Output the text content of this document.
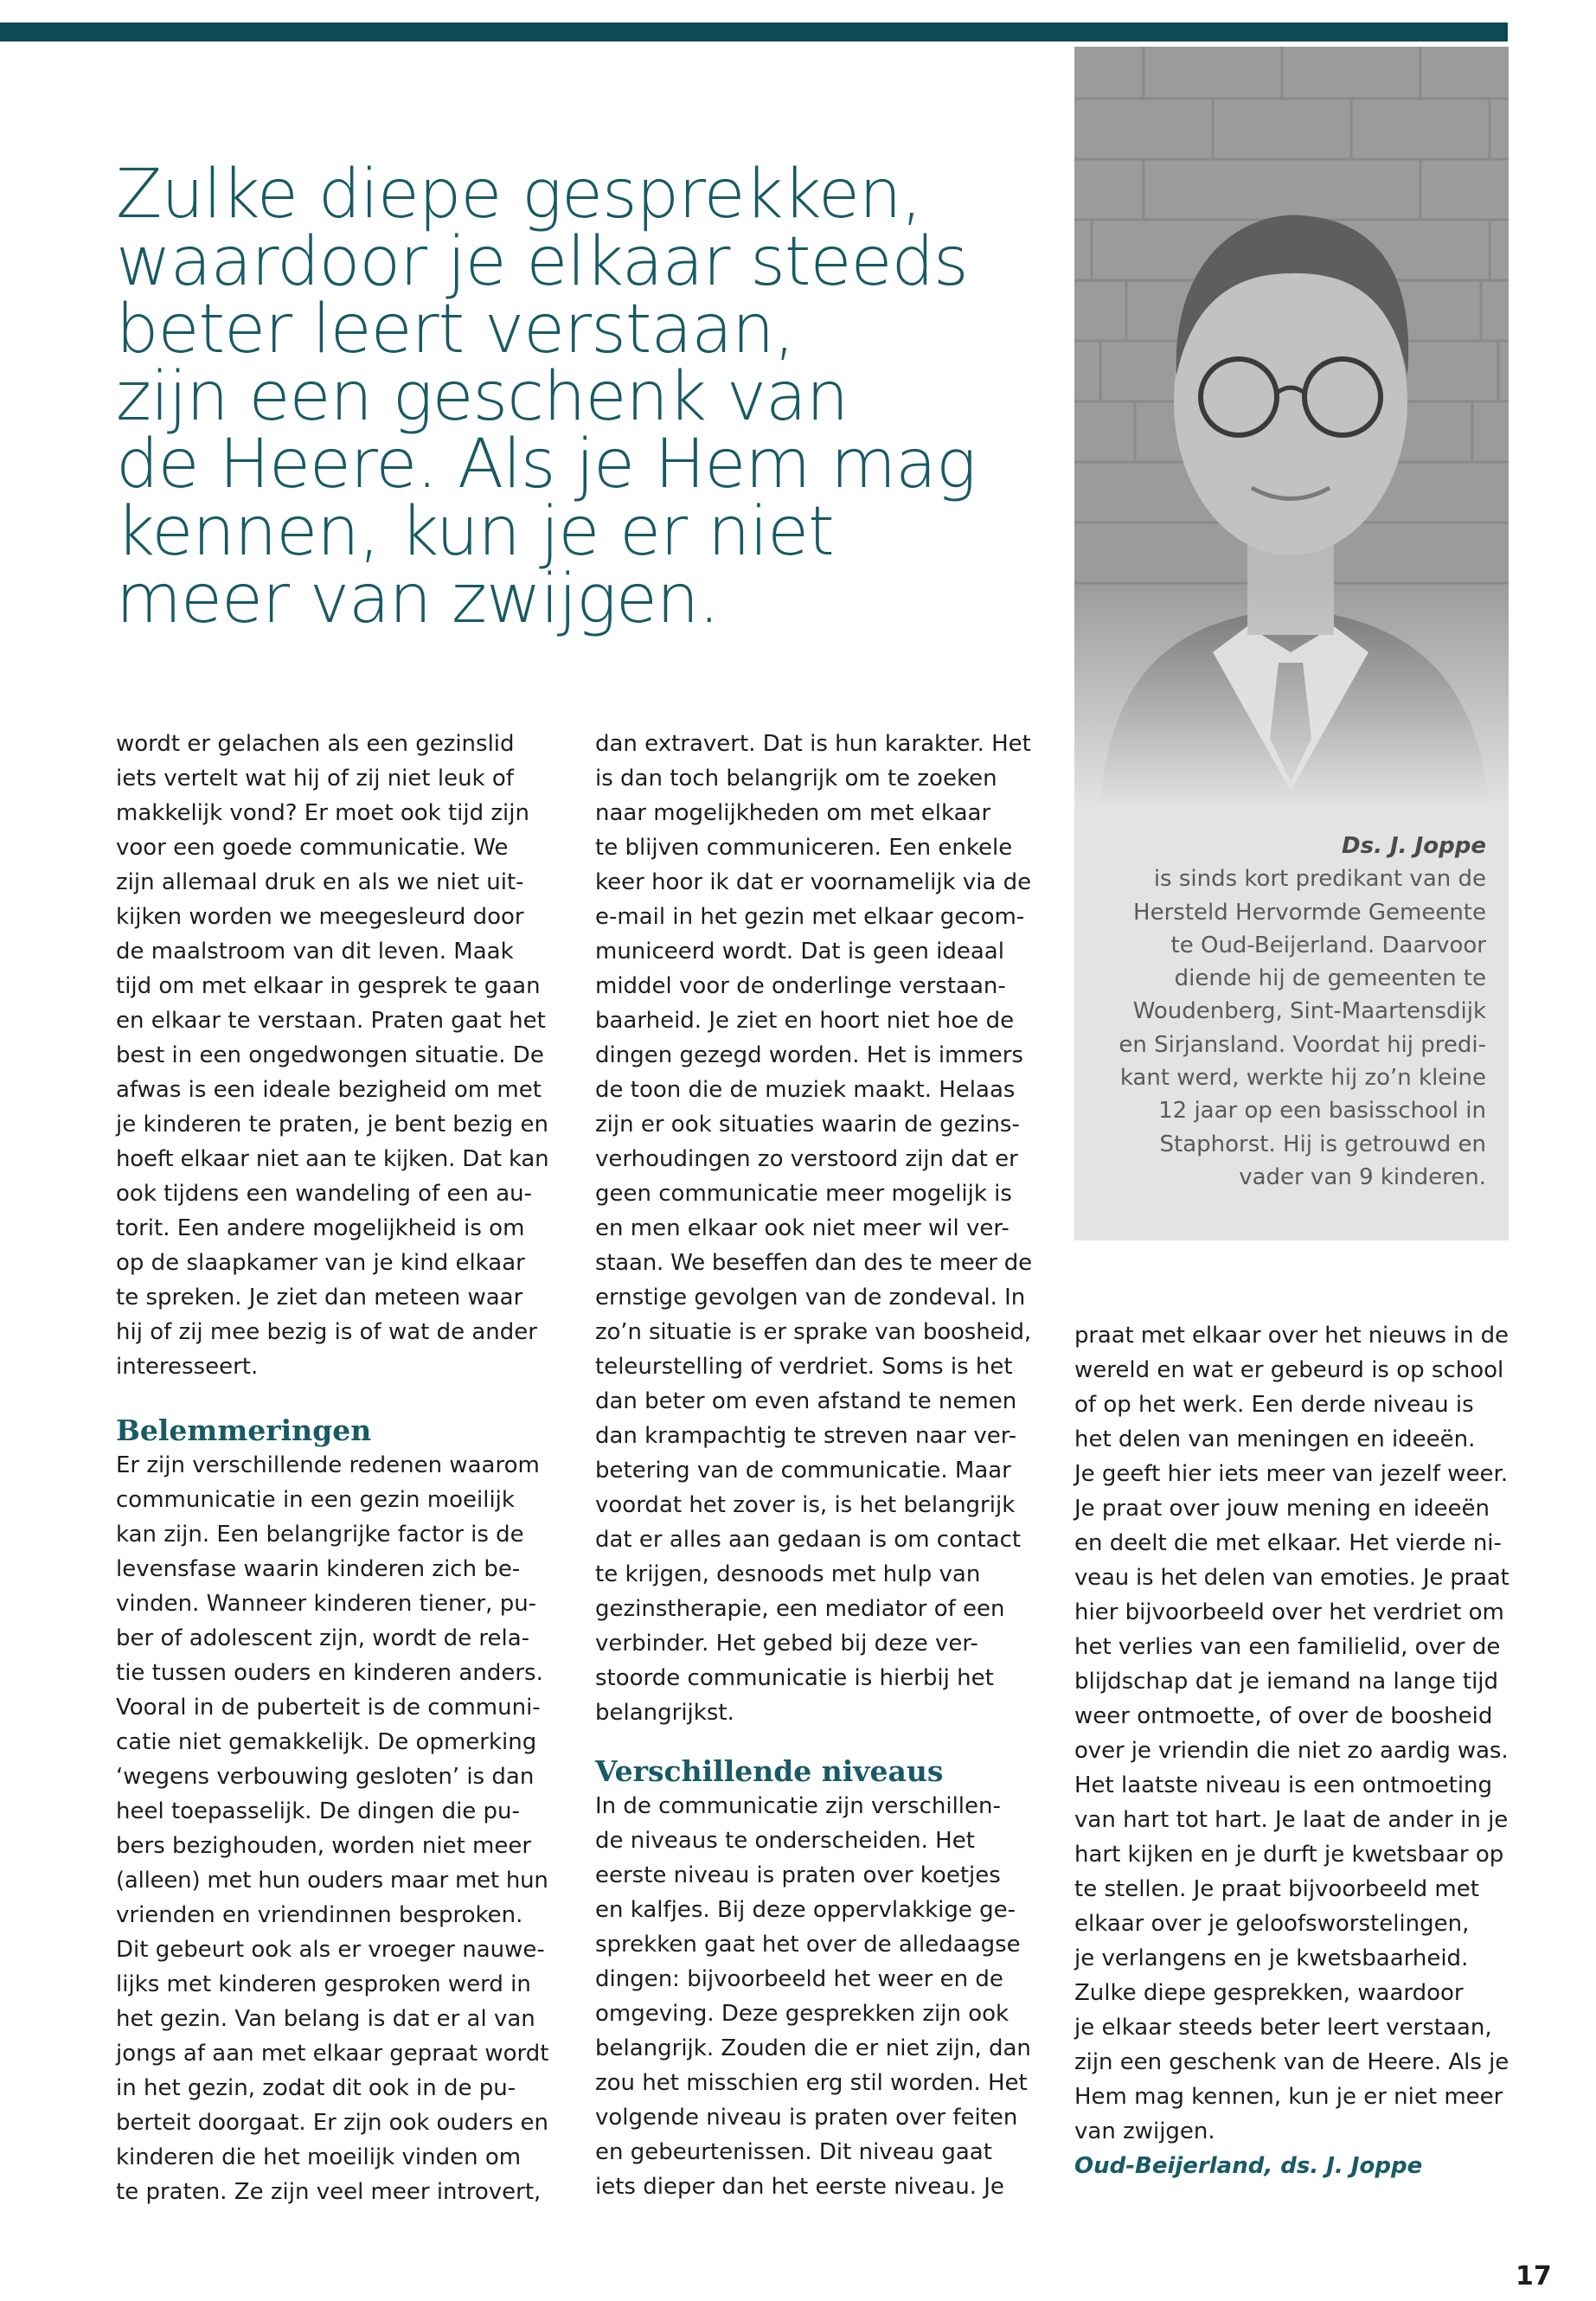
Zulke diepe gesprekken,
waardoor je elkaar steeds
beter leert verstaan,
zijn een geschenk van
de Heere. Als je Hem mag
kennen, kun je er niet
meer van zwijgen.
Ds. J. Joppe
is sinds kort predikant van de
Hersteld Hervormde Gemeente
te Oud-Beijerland. Daarvoor
diende hij de gemeenten te
Woudenberg, Sint-Maartensdijk
en Sirjansland. Voordat hij predi-
kant werd, werkte hij zo’n kleine
12 jaar op een basisschool in
Staphorst. Hij is getrouwd en
vader van 9 kinderen.

wordt er gelachen als een gezinslid
iets vertelt wat hij of zij niet leuk of
makkelijk vond? Er moet ook tijd zijn
voor een goede communicatie. We
zijn allemaal druk en als we niet uit-
kijken worden we meegesleurd door
de maalstroom van dit leven. Maak
tijd om met elkaar in gesprek te gaan
en elkaar te verstaan. Praten gaat het
best in een ongedwongen situatie. De
afwas is een ideale bezigheid om met
je kinderen te praten, je bent bezig en
hoeft elkaar niet aan te kijken. Dat kan
ook tijdens een wandeling of een au-
torit. Een andere mogelijkheid is om
op de slaapkamer van je kind elkaar
te spreken. Je ziet dan meteen waar
hij of zij mee bezig is of wat de ander
interesseert.

Belemmeringen

Er zijn verschillende redenen waarom
communicatie in een gezin moeilijk
kan zijn. Een belangrijke factor is de
levensfase waarin kinderen zich be-
vinden. Wanneer kinderen tiener, pu-
ber of adolescent zijn, wordt de rela-
tie tussen ouders en kinderen anders.
Vooral in de puberteit is de communi-
catie niet gemakkelijk. De opmerking
‘wegens verbouwing gesloten’ is dan
heel toepasselijk. De dingen die pu-
bers bezighouden, worden niet meer
(alleen) met hun ouders maar met hun
vrienden en vriendinnen besproken.
Dit gebeurt ook als er vroeger nauwe-
lijks met kinderen gesproken werd in
het gezin. Van belang is dat er al van
jongs af aan met elkaar gepraat wordt
in het gezin, zodat dit ook in de pu-
berteit doorgaat. Er zijn ook ouders en
kinderen die het moeilijk vinden om
te praten. Ze zijn veel meer introvert,

dan extravert. Dat is hun karakter. Het
is dan toch belangrijk om te zoeken
naar mogelijkheden om met elkaar
te blijven communiceren. Een enkele
keer hoor ik dat er voornamelijk via de
e-mail in het gezin met elkaar gecom-
municeerd wordt. Dat is geen ideaal
middel voor de onderlinge verstaan-
baarheid. Je ziet en hoort niet hoe de
dingen gezegd worden. Het is immers
de toon die de muziek maakt. Helaas
zijn er ook situaties waarin de gezins-
verhoudingen zo verstoord zijn dat er
geen communicatie meer mogelijk is
en men elkaar ook niet meer wil ver-
staan. We beseffen dan des te meer de
ernstige gevolgen van de zondeval. In
zo’n situatie is er sprake van boosheid,
teleurstelling of verdriet. Soms is het
dan beter om even afstand te nemen
dan krampachtig te streven naar ver-
betering van de communicatie. Maar
voordat het zover is, is het belangrijk
dat er alles aan gedaan is om contact
te krijgen, desnoods met hulp van
gezinstherapie, een mediator of een
verbinder. Het gebed bij deze ver-
stoorde communicatie is hierbij het
belangrijkst.

Verschillende niveaus

In de communicatie zijn verschillen-
de niveaus te onderscheiden. Het
eerste niveau is praten over koetjes
en kalfjes. Bij deze oppervlakkige ge-
sprekken gaat het over de alledaagse
dingen: bijvoorbeeld het weer en de
omgeving. Deze gesprekken zijn ook
belangrijk. Zouden die er niet zijn, dan
zou het misschien erg stil worden. Het
volgende niveau is praten over feiten
en gebeurtenissen. Dit niveau gaat
iets dieper dan het eerste niveau. Je

praat met elkaar over het nieuws in de
wereld en wat er gebeurd is op school
of op het werk. Een derde niveau is
het delen van meningen en ideeën.
Je geeft hier iets meer van jezelf weer.
Je praat over jouw mening en ideeën
en deelt die met elkaar. Het vierde ni-
veau is het delen van emoties. Je praat
hier bijvoorbeeld over het verdriet om
het verlies van een familielid, over de
blijdschap dat je iemand na lange tijd
weer ontmoette, of over de boosheid
over je vriendin die niet zo aardig was.
Het laatste niveau is een ontmoeting
van hart tot hart. Je laat de ander in je
hart kijken en je durft je kwetsbaar op
te stellen. Je praat bijvoorbeeld met
elkaar over je geloofsworstelingen,
je verlangens en je kwetsbaarheid.
Zulke diepe gesprekken, waardoor
je elkaar steeds beter leert verstaan,
zijn een geschenk van de Heere. Als je
Hem mag kennen, kun je er niet meer
van zwijgen.

Oud-Beijerland, ds. J. Joppe

17
